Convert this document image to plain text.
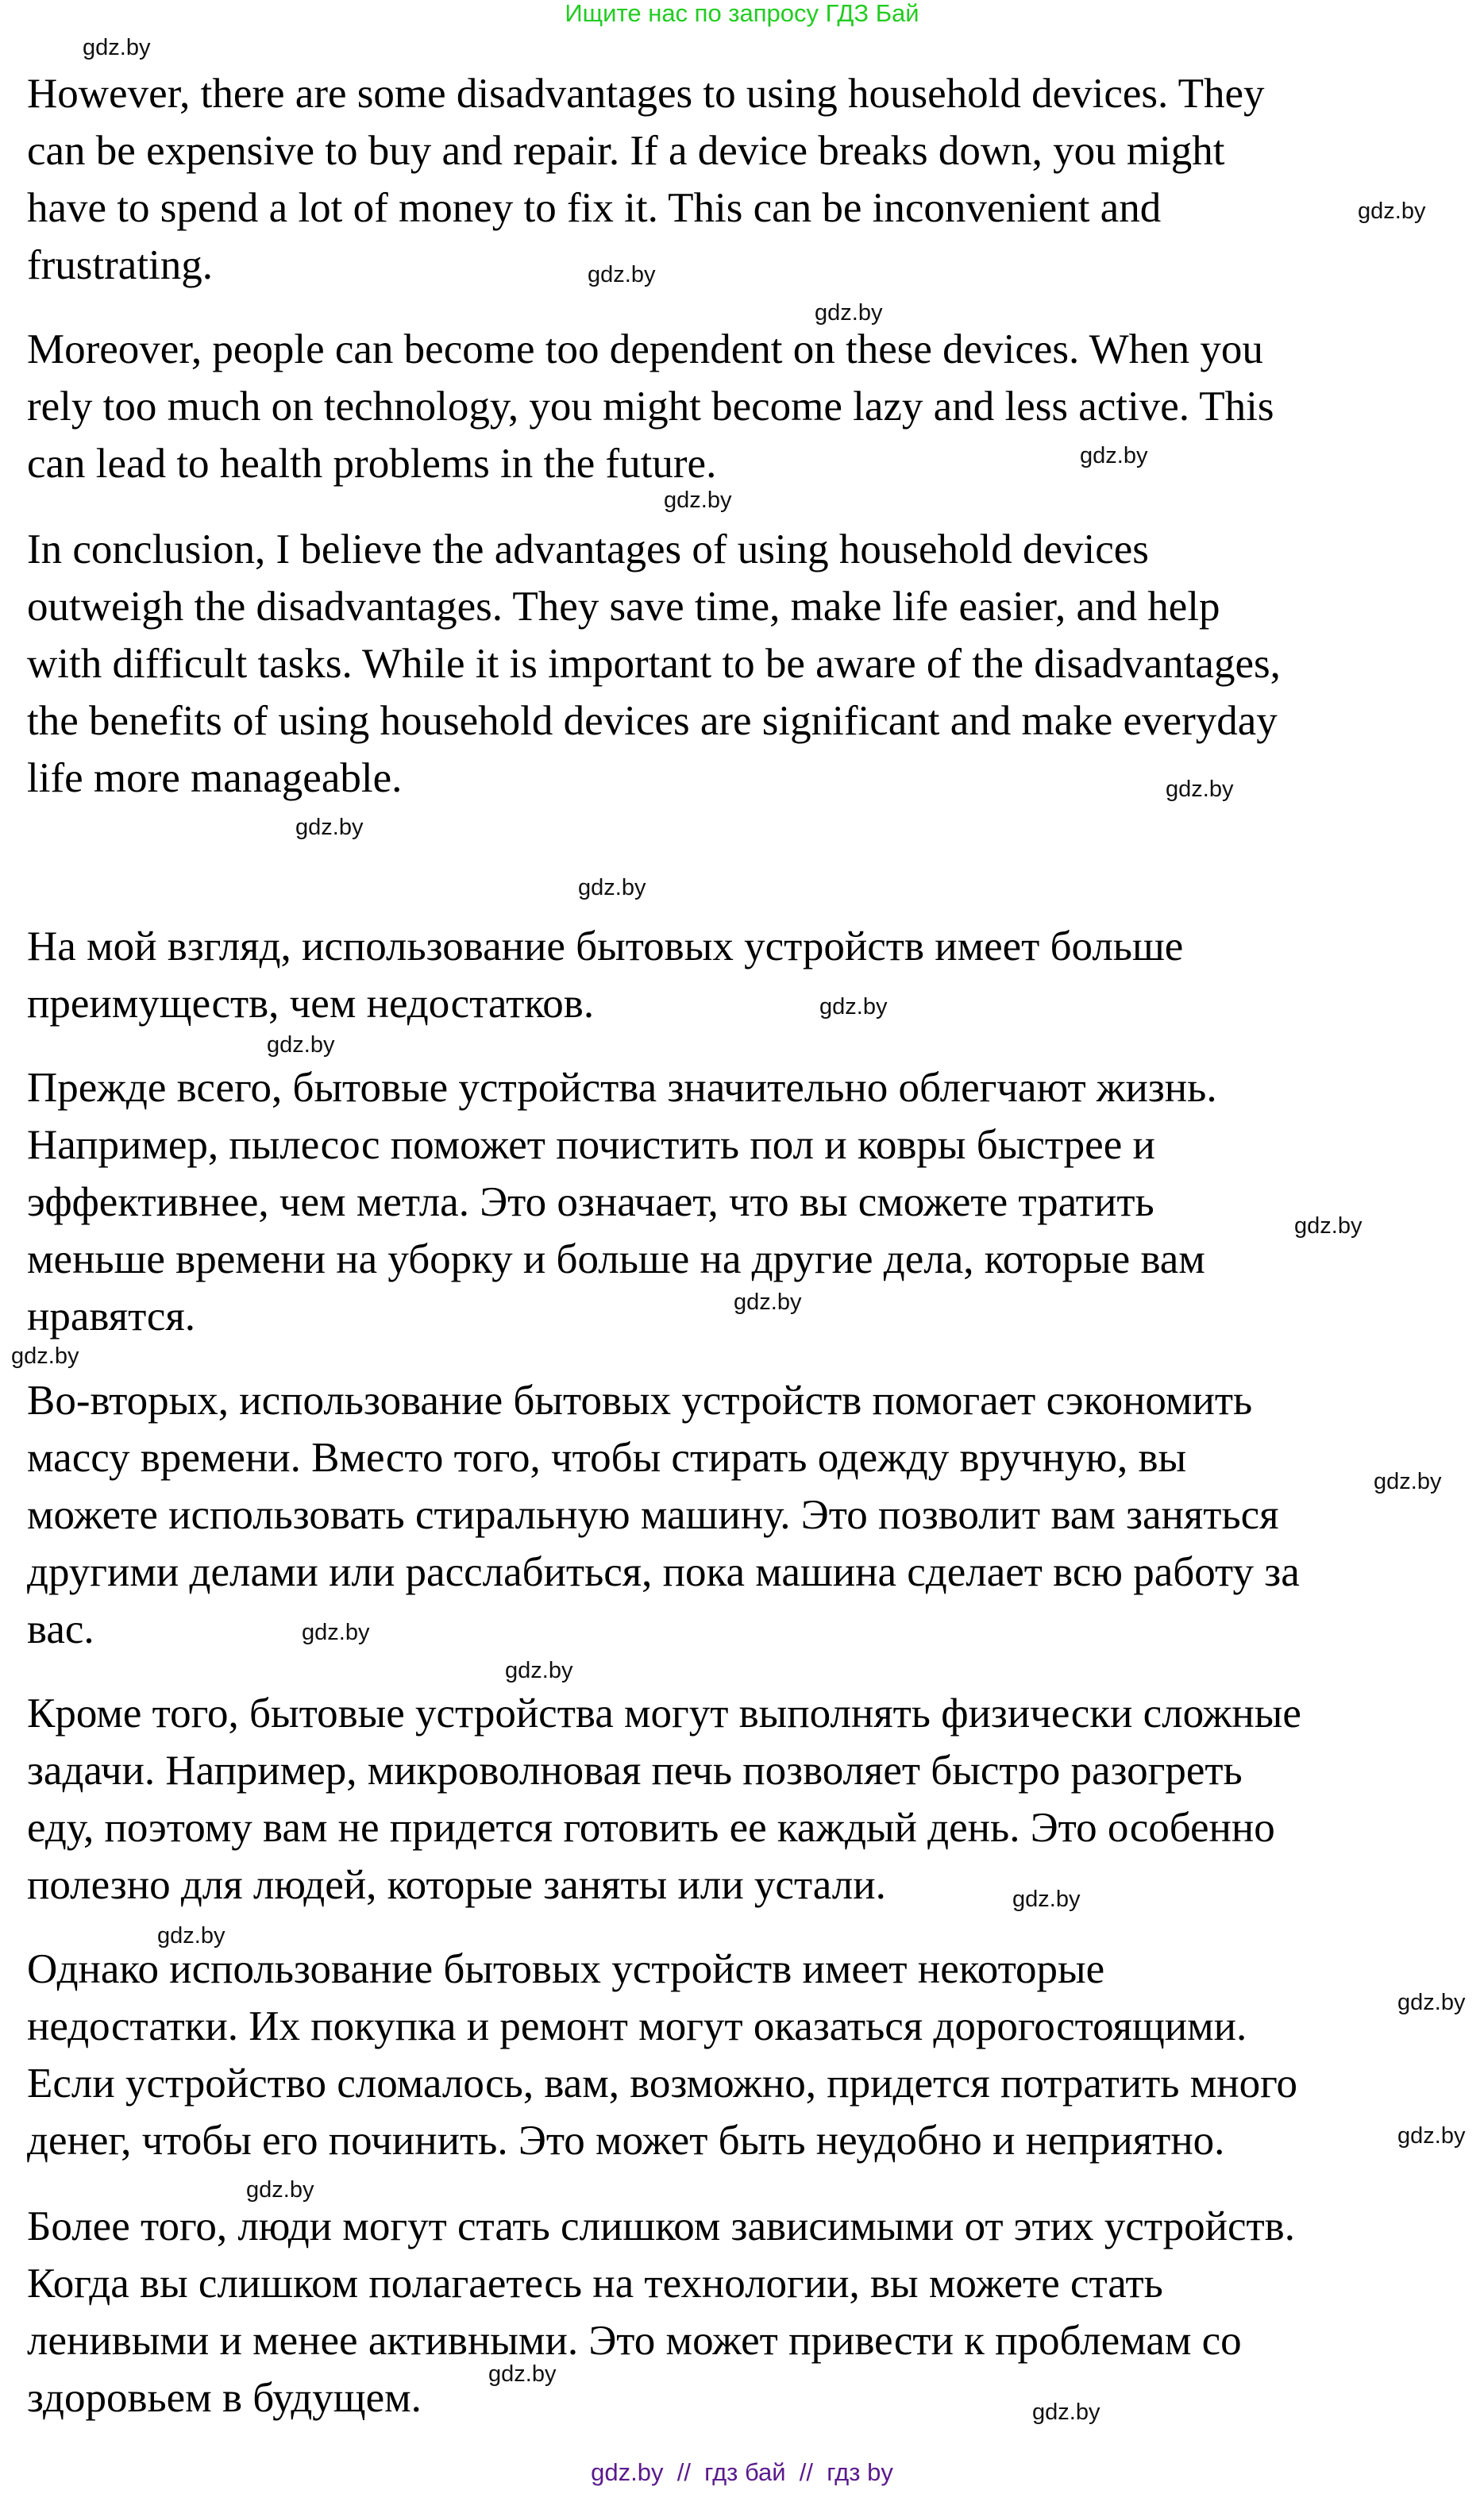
Ищите нас по запросу ГДЗ Бай
However, there are some disadvantages to using household devices. They
can be expensive to buy and repair. If a device breaks down, you might
have to spend a lot of money to fix it. This can be inconvenient and
frustrating.
Moreover, people can become too dependent on these devices. When you
rely too much on technology, you might become lazy and less active. This
can lead to health problems in the future.
In conclusion, I believe the advantages of using household devices
outweigh the disadvantages. They save time, make life easier, and help
with difficult tasks. While it is important to be aware of the disadvantages,
the benefits of using household devices are significant and make everyday
life more manageable.
На мой взгляд, использование бытовых устройств имеет больше
преимуществ, чем недостатков.
Прежде всего, бытовые устройства значительно облегчают жизнь.
Например, пылесос поможет почистить пол и ковры быстрее и
эффективнее, чем метла. Это означает, что вы сможете тратить
меньше времени на уборку и больше на другие дела, которые вам
нравятся.
Во-вторых, использование бытовых устройств помогает сэкономить
массу времени. Вместо того, чтобы стирать одежду вручную, вы
можете использовать стиральную машину. Это позволит вам заняться
другими делами или расслабиться, пока машина сделает всю работу за
вас.
Кроме того, бытовые устройства могут выполнять физически сложные
задачи. Например, микроволновая печь позволяет быстро разогреть
еду, поэтому вам не придется готовить ее каждый день. Это особенно
полезно для людей, которые заняты или устали.
Однако использование бытовых устройств имеет некоторые
недостатки. Их покупка и ремонт могут оказаться дорогостоящими.
Если устройство сломалось, вам, возможно, придется потратить много
денег, чтобы его починить. Это может быть неудобно и неприятно.
Более того, люди могут стать слишком зависимыми от этих устройств.
Когда вы слишком полагаетесь на технологии, вы можете стать
ленивыми и менее активными. Это может привести к проблемам со
здоровьем в будущем.
gdz.by  //  гдз бай  //  гдз by
gdz.by
gdz.by
gdz.by
gdz.by
gdz.by
gdz.by
gdz.by
gdz.by
gdz.by
gdz.by
gdz.by
gdz.by
gdz.by
gdz.by
gdz.by
gdz.by
gdz.by
gdz.by
gdz.by
gdz.by
gdz.by
gdz.by
gdz.by
gdz.by
